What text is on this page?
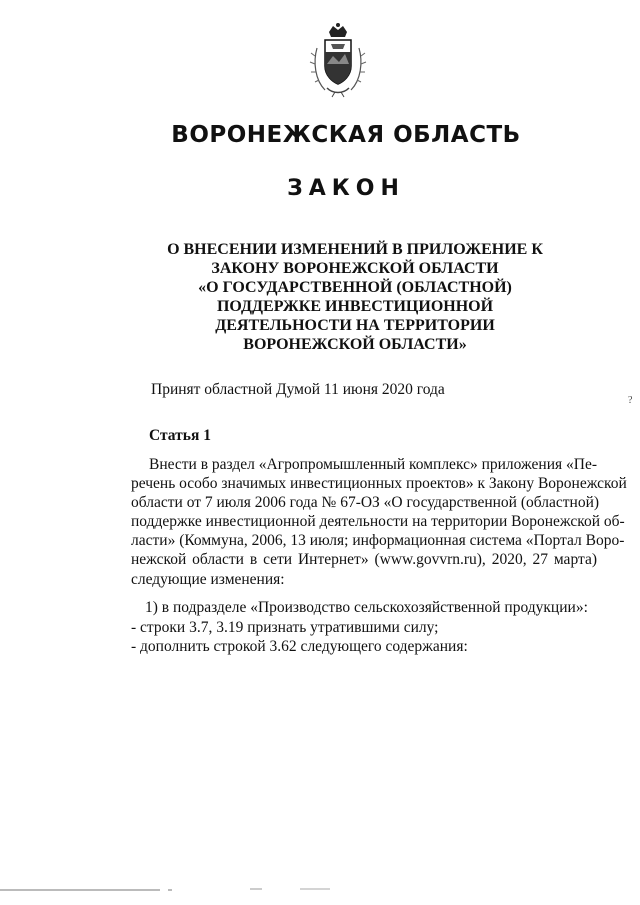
ВОРОНЕЖСКАЯ ОБЛАСТЬ
ЗАКОН
О ВНЕСЕНИИ ИЗМЕНЕНИЙ В ПРИЛОЖЕНИЕ К
ЗАКОНУ ВОРОНЕЖСКОЙ ОБЛАСТИ
«О ГОСУДАРСТВЕННОЙ (ОБЛАСТНОЙ)
ПОДДЕРЖКЕ ИНВЕСТИЦИОННОЙ
ДЕЯТЕЛЬНОСТИ НА ТЕРРИТОРИИ
ВОРОНЕЖСКОЙ ОБЛАСТИ»
Принят областной Думой 11 июня 2020 года
?
Статья 1
Внести в раздел «Агропромышленный комплекс» приложения «Пе-
речень особо значимых инвестиционных проектов» к Закону Воронежской
области от 7 июля 2006 года № 67-ОЗ «О государственной (областной)
поддержке инвестиционной деятельности на территории Воронежской об-
ласти» (Коммуна, 2006, 13 июля; информационная система «Портал Воро-
нежской области в сети Интернет» (www.govvrn.ru), 2020, 27 марта)
следующие изменения:
1) в подразделе «Производство сельскохозяйственной продукции»:
- строки 3.7, 3.19 признать утратившими силу;
- дополнить строкой 3.62 следующего содержания:
